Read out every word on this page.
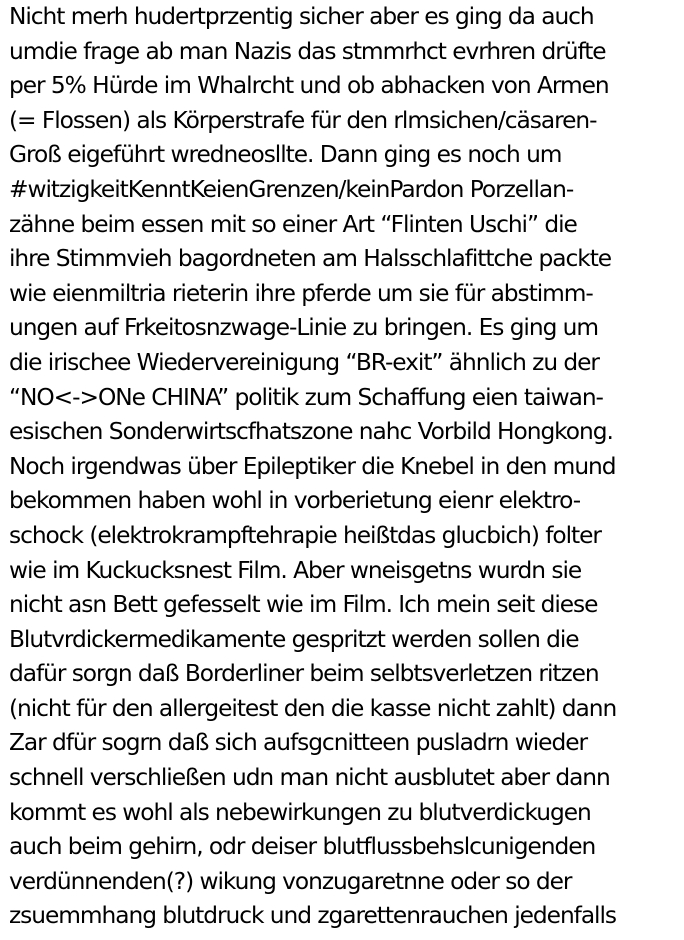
Nicht merh hudertprzentig sicher aber es ging da auch
umdie frage ab man Nazis das stmmrhct evrhren drüfte
per 5% Hürde im Whalrcht und ob abhacken von Armen
(= Flossen) als Körperstrafe für den rlmsichen/cäsaren-
Groß eigeführt wredneosllte. Dann ging es noch um
#witzigkeitKenntKeienGrenzen/keinPardon Porzellan-
zähne beim essen mit so einer Art “Flinten Uschi” die
ihre Stimmvieh bagordneten am Halsschlafittche packte
wie eienmiltria rieterin ihre pferde um sie für abstimm-
ungen auf Frkeitosnzwage-Linie zu bringen. Es ging um
die irischee Wiedervereinigung “BR-exit” ähnlich zu der
“NO<->ONe CHINA” politik zum Schaffung eien taiwan-
esischen Sonderwirtscfhatszone nahc Vorbild Hongkong.
Noch irgendwas über Epileptiker die Knebel in den mund
bekommen haben wohl in vorberietung eienr elektro-
schock (elektrokrampftehrapie heißtdas glucbich) folter
wie im Kuckucksnest Film. Aber wneisgetns wurdn sie
nicht asn Bett gefesselt wie im Film. Ich mein seit diese
Blutvrdickermedikamente gespritzt werden sollen die
dafür sorgn daß Borderliner beim selbtsverletzen ritzen
(nicht für den allergeitest den die kasse nicht zahlt) dann
Zar dfür sogrn daß sich aufsgcnitteen pusladrn wieder
schnell verschließen udn man nicht ausblutet aber dann
kommt es wohl als nebewirkungen zu blutverdickugen
auch beim gehirn, odr deiser blutflussbehslcunigenden
verdünnenden(?) wikung vonzugaretnne oder so der
zsuemmhang blutdruck und zgarettenrauchen jedenfalls
